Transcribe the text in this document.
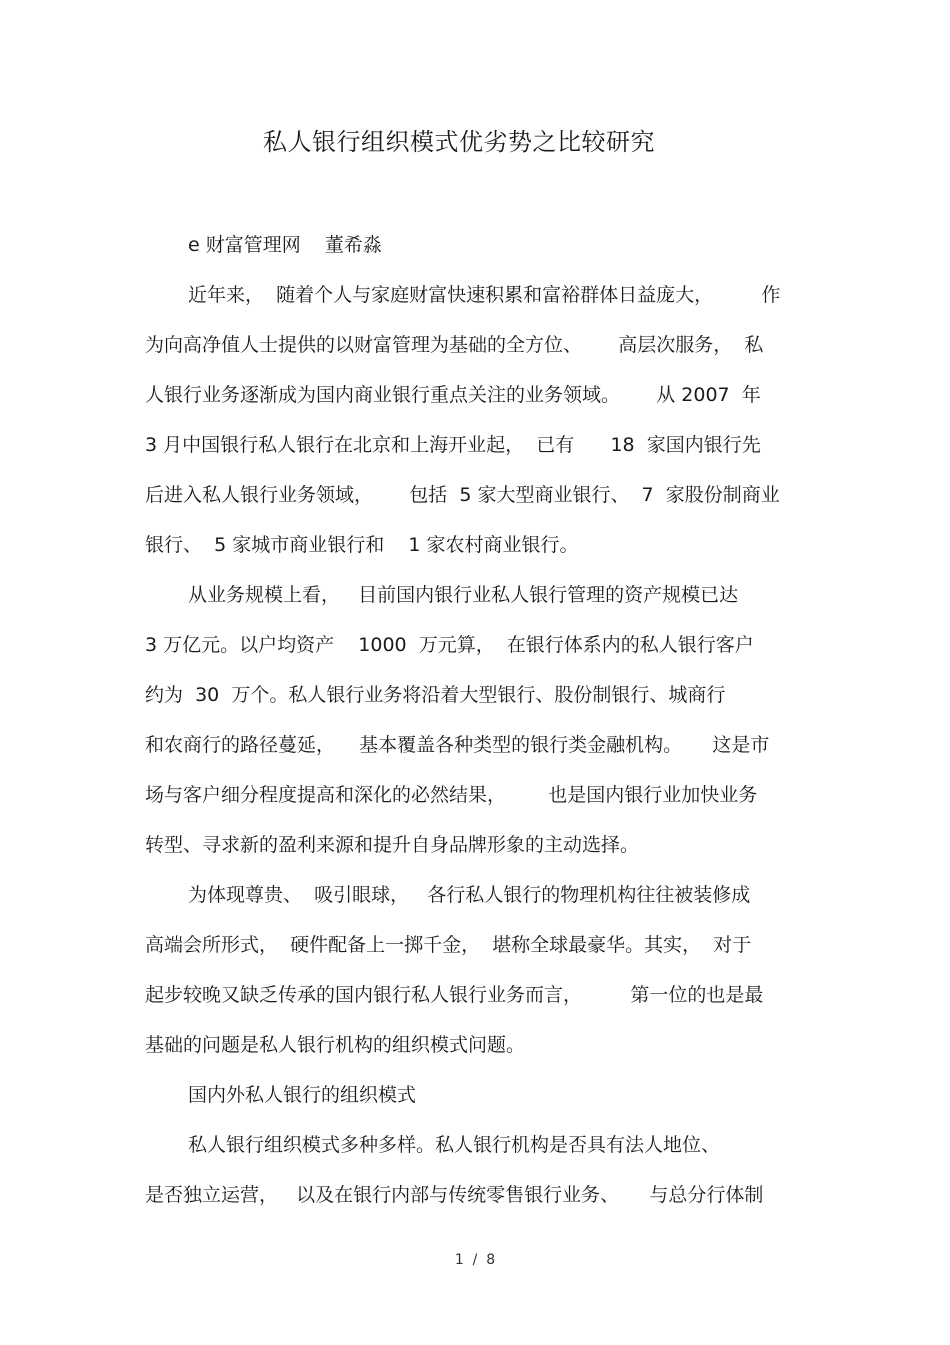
私人银行组织模式优劣势之比较研究

e 财富管理网    董希淼

近年来，  随着个人与家庭财富快速积累和富裕群体日益庞大，        作

为向高净值人士提供的以财富管理为基础的全方位、      高层次服务，  私

人银行业务逐渐成为国内商业银行重点关注的业务领域。      从 2007  年

3 月中国银行私人银行在北京和上海开业起，  已有      18  家国内银行先

后进入私人银行业务领域，      包括  5 家大型商业银行、  7  家股份制商业

银行、  5 家城市商业银行和    1 家农村商业银行。

从业务规模上看，   目前国内银行业私人银行管理的资产规模已达

3 万亿元。以户均资产    1000  万元算，  在银行体系内的私人银行客户

约为  30  万个。私人银行业务将沿着大型银行、股份制银行、城商行

和农商行的路径蔓延，    基本覆盖各种类型的银行类金融机构。     这是市

场与客户细分程度提高和深化的必然结果，       也是国内银行业加快业务

转型、寻求新的盈利来源和提升自身品牌形象的主动选择。

为体现尊贵、  吸引眼球，   各行私人银行的物理机构往往被装修成

高端会所形式，  硬件配备上一掷千金，  堪称全球最豪华。其实，  对于

起步较晚又缺乏传承的国内银行私人银行业务而言，        第一位的也是最

基础的问题是私人银行机构的组织模式问题。

国内外私人银行的组织模式

私人银行组织模式多种多样。私人银行机构是否具有法人地位、

是否独立运营，   以及在银行内部与传统零售银行业务、     与总分行体制

1  /  8
